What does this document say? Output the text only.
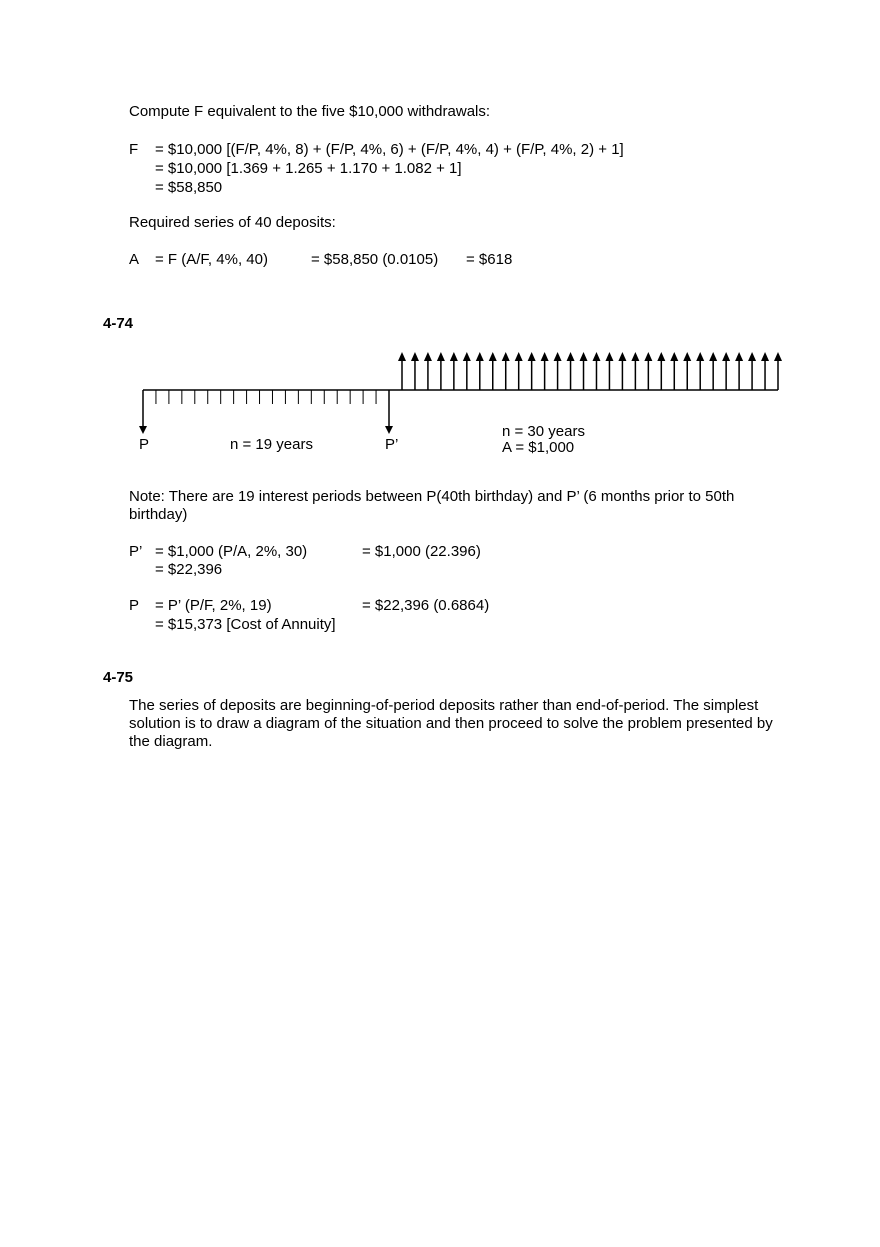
Compute F equivalent to the five $10,000 withdrawals:
F = $10,000 [(F/P, 4%, 8) + (F/P, 4%, 6) + (F/P, 4%, 4) + (F/P, 4%, 2) + 1]
= $10,000 [1.369 + 1.265 + 1.170 + 1.082 + 1]
= $58,850
Required series of 40 deposits:
A = F (A/F, 4%, 40)	= $58,850 (0.0105) = $618
4-74
P	n = 19 years	P’
n = 30 years
A = $1,000
Note: There are 19 interest periods between P(40th birthday) and P’ (6 months prior to 50th birthday)
P’ = $1,000 (P/A, 2%, 30)	= $1,000 (22.396)
= $22,396
P = P’ (P/F, 2%, 19)	= $22,396 (0.6864)
= $15,373 [Cost of Annuity]
4-75
The series of deposits are beginning-of-period deposits rather than end-of-period. The simplest solution is to draw a diagram of the situation and then proceed to solve the problem presented by the diagram.
